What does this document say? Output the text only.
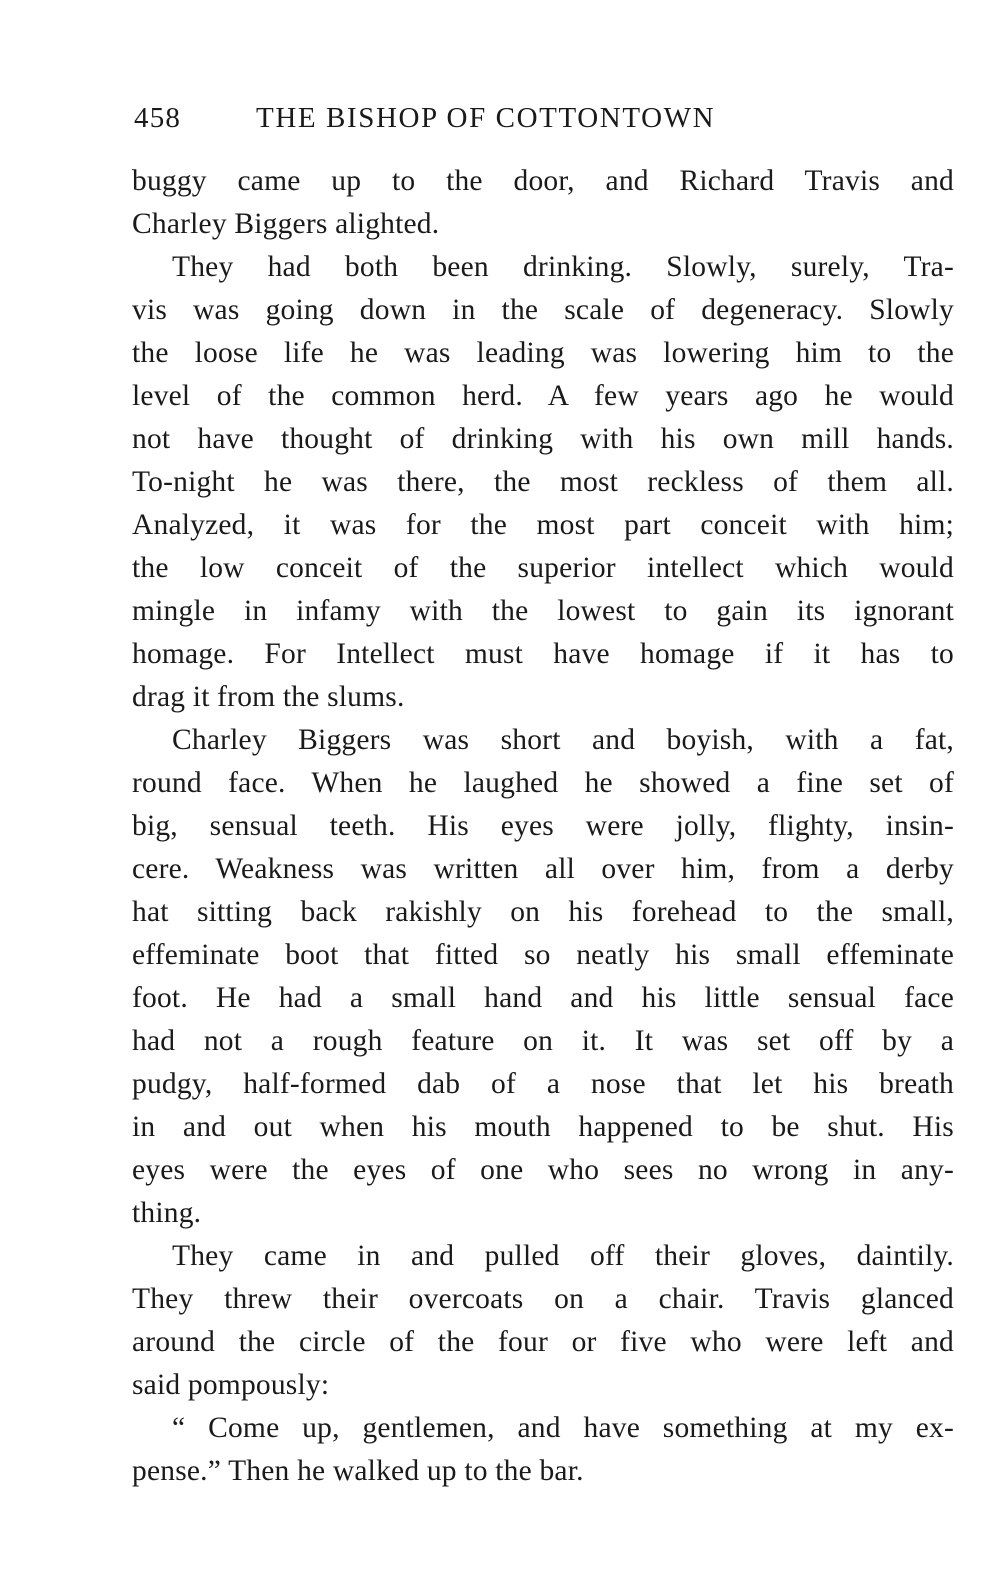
458	THE BISHOP OF COTTONTOWN
buggy came up to the door, and Richard Travis and
Charley Biggers alighted.
They had both been drinking. Slowly, surely, Tra-
vis was going down in the scale of degeneracy. Slowly
the loose life he was leading was lowering him to the
level of the common herd. A few years ago he would
not have thought of drinking with his own mill hands.
To-night he was there, the most reckless of them all.
Analyzed, it was for the most part conceit with him;
the low conceit of the superior intellect which would
mingle in infamy with the lowest to gain its ignorant
homage. For Intellect must have homage if it has to
drag it from the slums.
Charley Biggers was short and boyish, with a fat,
round face. When he laughed he showed a fine set of
big, sensual teeth. His eyes were jolly, flighty, insin-
cere. Weakness was written all over him, from a derby
hat sitting back rakishly on his forehead to the small,
effeminate boot that fitted so neatly his small effeminate
foot. He had a small hand and his little sensual face
had not a rough feature on it. It was set off by a
pudgy, half-formed dab of a nose that let his breath
in and out when his mouth happened to be shut. His
eyes were the eyes of one who sees no wrong in any-
thing.
They came in and pulled off their gloves, daintily.
They threw their overcoats on a chair. Travis glanced
around the circle of the four or five who were left and
said pompously:
“ Come up, gentlemen, and have something at my ex-
pense.” Then he walked up to the bar.
